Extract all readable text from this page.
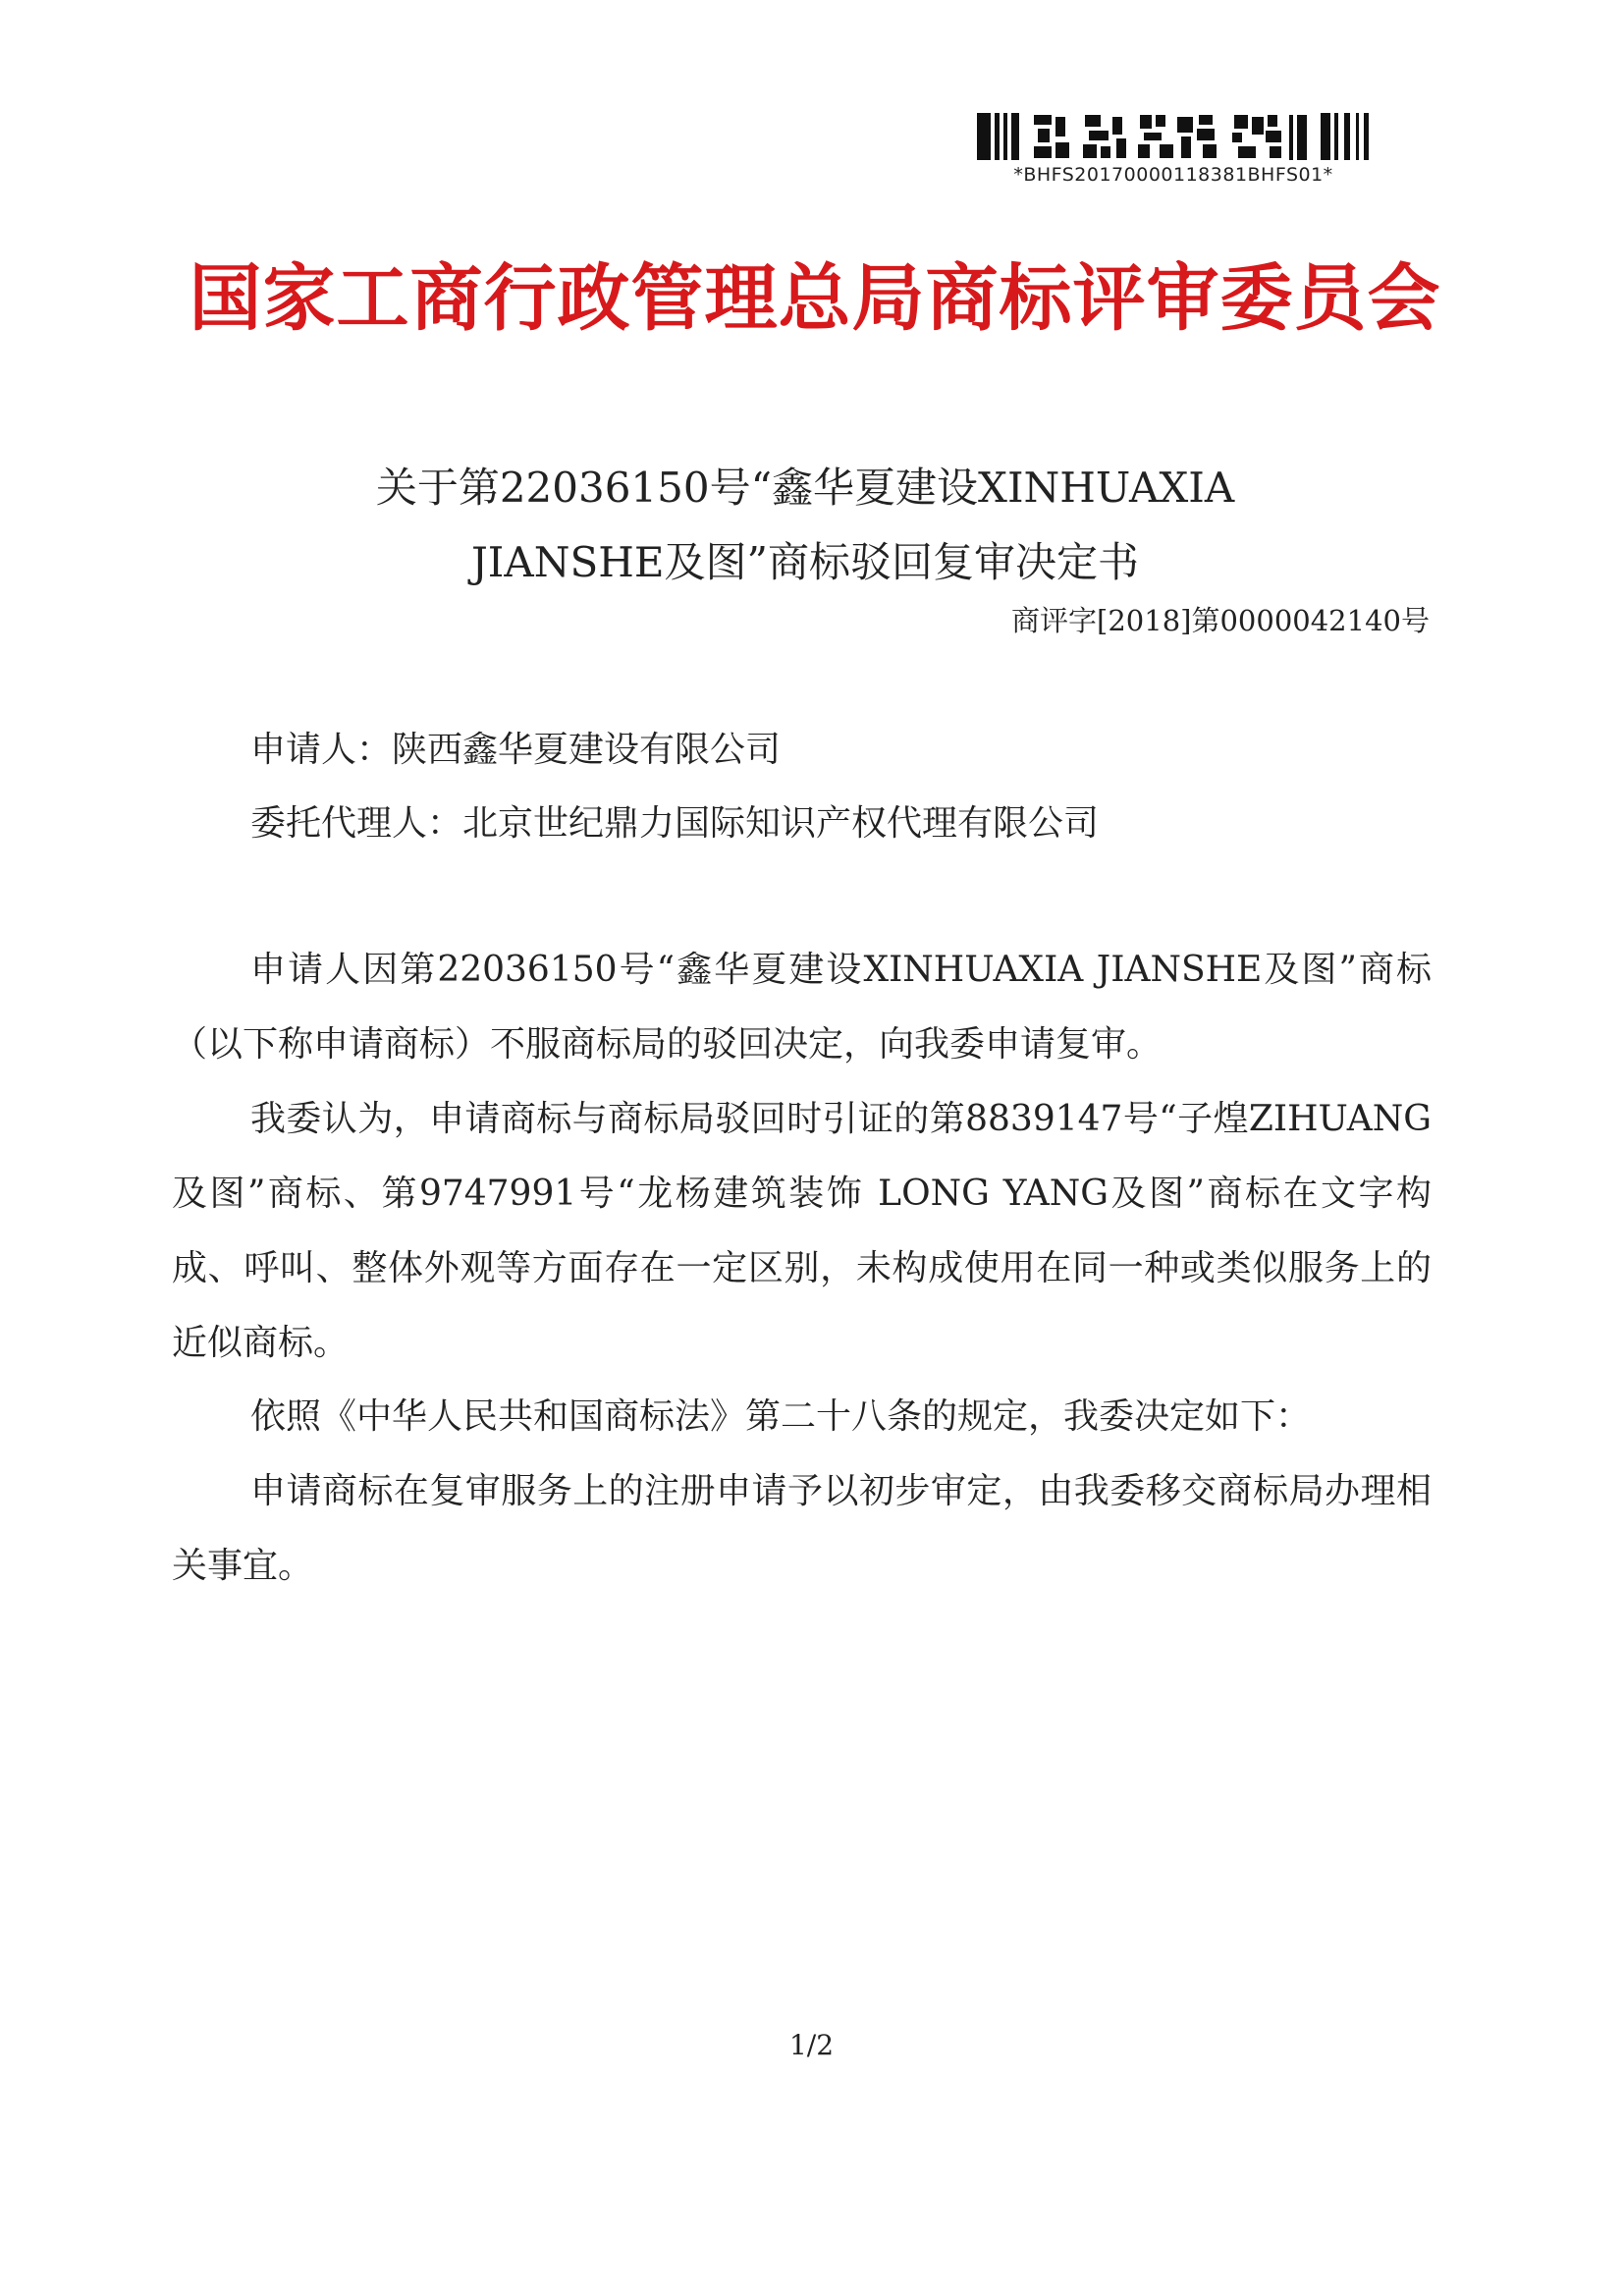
*BHFS20170000118381BHFS01*
国家工商行政管理总局商标评审委员会
关于第22036150号“鑫华夏建设XINHUAXIA
JIANSHE及图”商标驳回复审决定书
商评字[2018]第0000042140号
申请人：陕西鑫华夏建设有限公司
委托代理人：北京世纪鼎力国际知识产权代理有限公司

申请人因第22036150号“鑫华夏建设XINHUAXIA JIANSHE及图”商标（以下称申请商标）不服商标局的驳回决定，向我委申请复审。

我委认为，申请商标与商标局驳回时引证的第8839147号“子煌ZIHUANG及图”商标、第9747991号“龙杨建筑装饰 LONG YANG及图”商标在文字构成、呼叫、整体外观等方面存在一定区别，未构成使用在同一种或类似服务上的近似商标。

依照《中华人民共和国商标法》第二十八条的规定，我委决定如下：

申请商标在复审服务上的注册申请予以初步审定，由我委移交商标局办理相关事宜。

1/2
